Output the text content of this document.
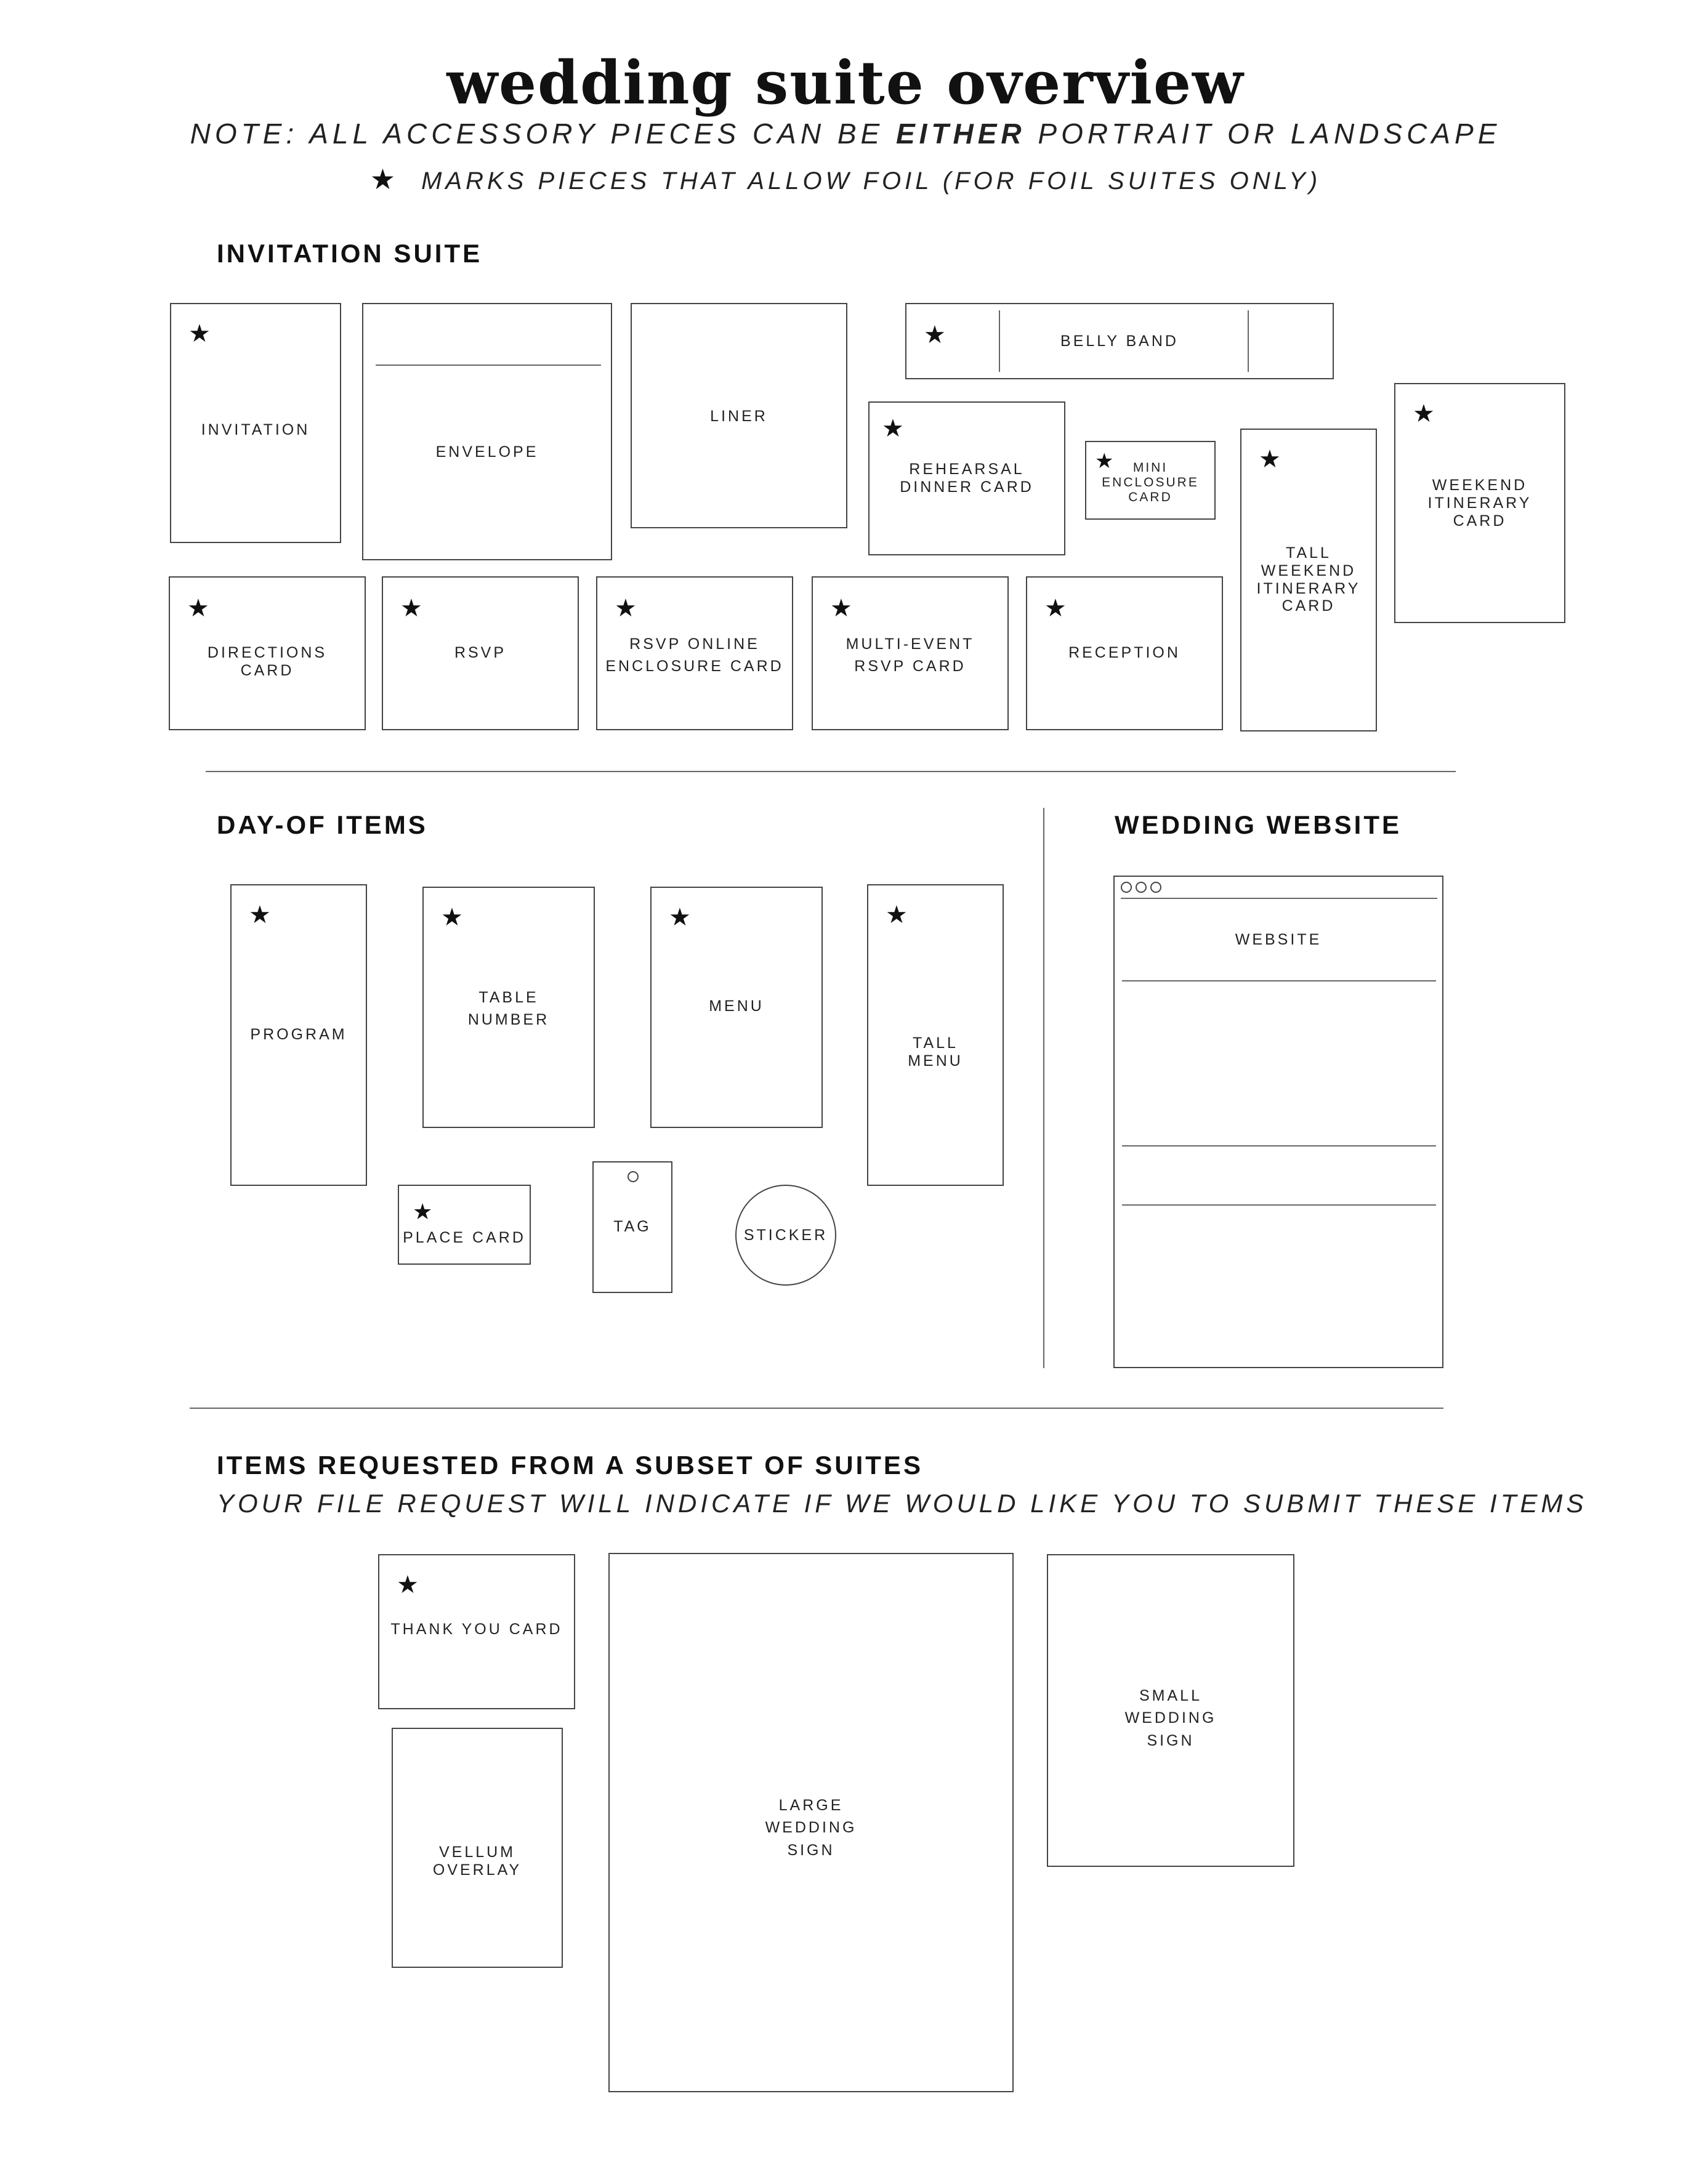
wedding suite overview
NOTE: ALL ACCESSORY PIECES CAN BE EITHER PORTRAIT OR LANDSCAPE
★ MARKS PIECES THAT ALLOW FOIL (FOR FOIL SUITES ONLY)
INVITATION SUITE
★
INVITATION
ENVELOPE
LINER
★	BELLY BAND
★
REHEARSAL
DINNER CARD
★	MINI
ENCLOSURE
CARD
★
TALL
WEEKEND
ITINERARY
CARD
★
WEEKEND
ITINERARY
CARD
★
DIRECTIONS
CARD
★
RSVP
★
RSVP ONLINE
ENCLOSURE CARD
★
MULTI-EVENT
RSVP CARD
★
RECEPTION
DAY-OF ITEMS
★
PROGRAM
★
TABLE
NUMBER
★
MENU
★
TALL
MENU
★
PLACE CARD
TAG	STICKER
WEDDING WEBSITE
WEBSITE
ITEMS REQUESTED FROM A SUBSET OF SUITES
YOUR FILE REQUEST WILL INDICATE IF WE WOULD LIKE YOU TO SUBMIT THESE ITEMS
★
THANK YOU CARD
VELLUM
OVERLAY
LARGE
WEDDING
SIGN
SMALL
WEDDING
SIGN
